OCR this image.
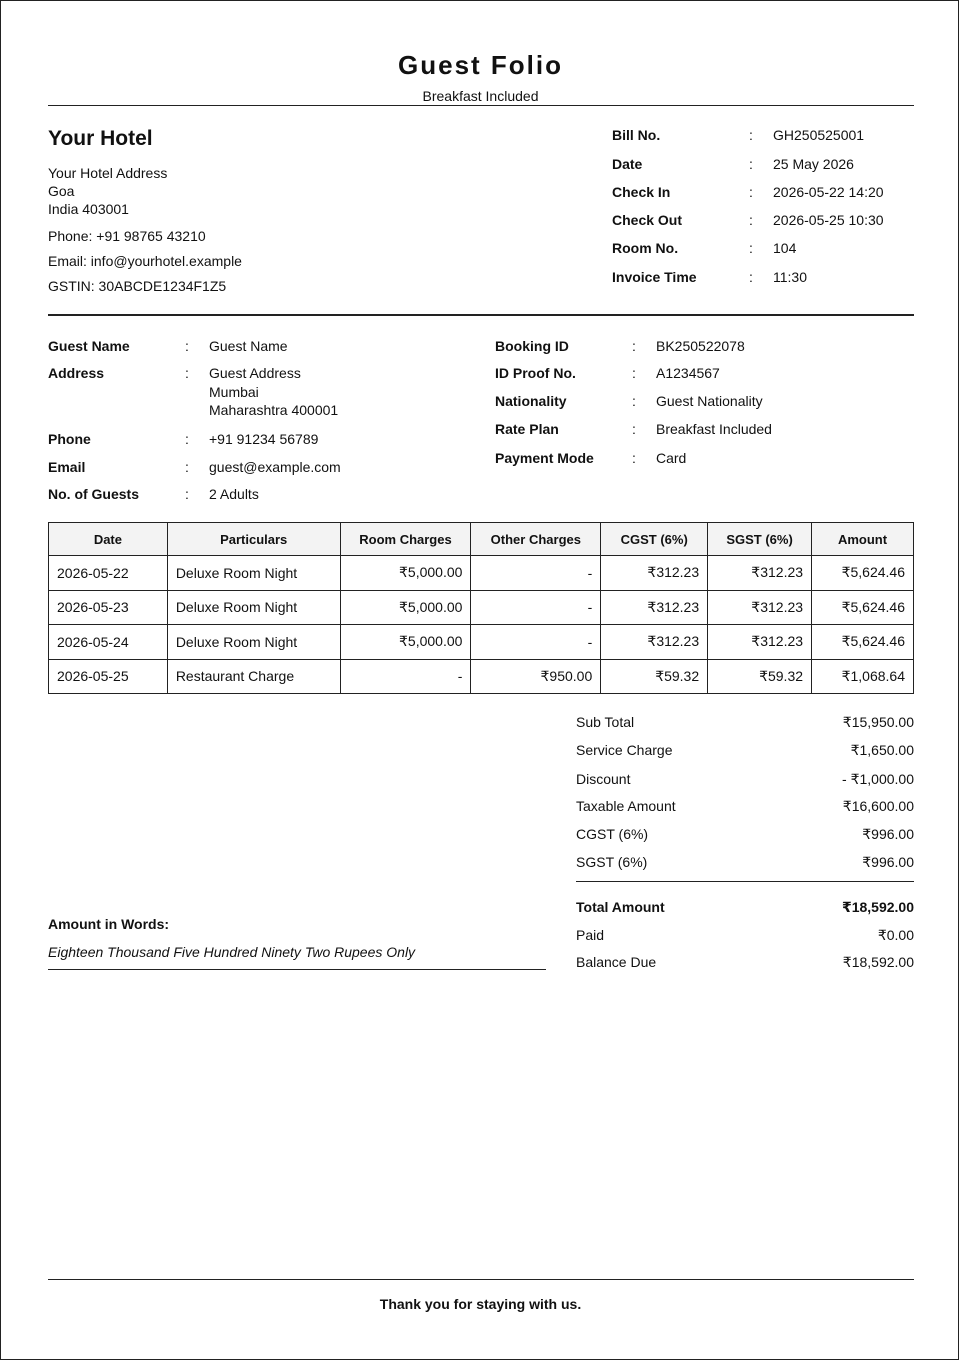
Guest Folio
Breakfast Included
Your Hotel
Your Hotel Address
Goa
India 403001
Phone: +91 98765 43210
Email: info@yourhotel.example
GSTIN: 30ABCDE1234F1Z5
Bill No.	: GH250525001
Date	: 25 May 2026
Check In	: 2026-05-22 14:20
Check Out	: 2026-05-25 10:30
Room No.	: 104
Invoice Time	: 11:30
Guest Name	: Guest Name
Address	: Guest Address
Mumbai
Maharashtra 400001
Phone	: +91 91234 56789
Email	: guest@example.com
No. of Guests	: 2 Adults
Booking ID	: BK250522078
ID Proof No.	: A1234567
Nationality	: Guest Nationality
Rate Plan	: Breakfast Included
Payment Mode	: Card
Date	Particulars	Room Charges	Other Charges	CGST (6%)	SGST (6%)	Amount
2026-05-22	Deluxe Room Night	₹5,000.00	-	₹312.23	₹312.23	₹5,624.46
2026-05-23	Deluxe Room Night	₹5,000.00	-	₹312.23	₹312.23	₹5,624.46
2026-05-24	Deluxe Room Night	₹5,000.00	-	₹312.23	₹312.23	₹5,624.46
2026-05-25	Restaurant Charge	-	₹950.00	₹59.32	₹59.32	₹1,068.64
Sub Total	₹15,950.00
Service Charge	₹1,650.00
Discount	- ₹1,000.00
Taxable Amount	₹16,600.00
CGST (6%)	₹996.00
SGST (6%)	₹996.00
Total Amount	₹18,592.00
Paid	₹0.00
Balance Due	₹18,592.00
Amount in Words:
Eighteen Thousand Five Hundred Ninety Two Rupees Only
Thank you for staying with us.
